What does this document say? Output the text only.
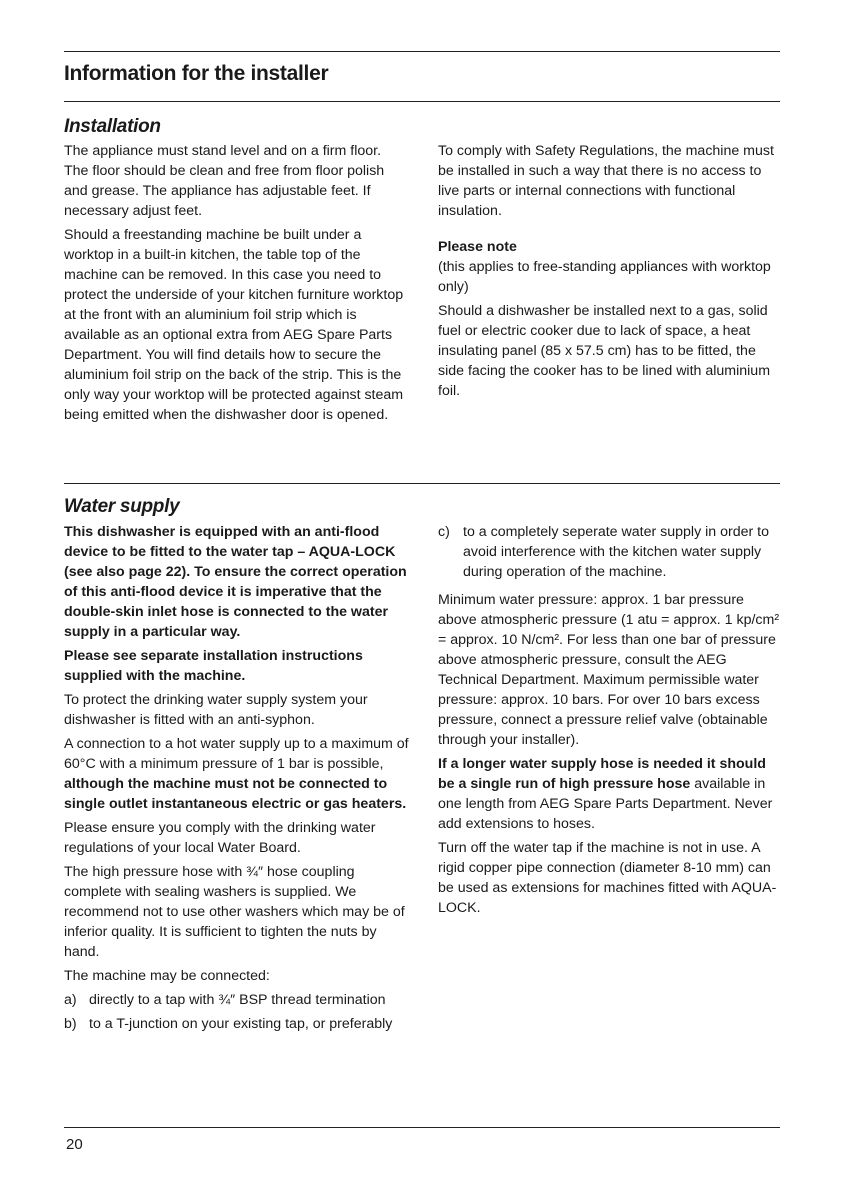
Information for the installer
Installation

The appliance must stand level and on a firm floor. The floor should be clean and free from floor polish and grease. The appliance has adjustable feet. If necessary adjust feet.

Should a freestanding machine be built under a worktop in a built-in kitchen, the table top of the machine can be removed. In this case you need to protect the underside of your kitchen furniture worktop at the front with an aluminium foil strip which is available as an optional extra from AEG Spare Parts Department. You will find details how to secure the aluminium foil strip on the back of the strip. This is the only way your worktop will be protected against steam being emitted when the dishwasher door is opened.

To comply with Safety Regulations, the machine must be installed in such a way that there is no access to live parts or internal connections with functional insulation.

Please note

(this applies to free-standing appliances with worktop only)

Should a dishwasher be installed next to a gas, solid fuel or electric cooker due to lack of space, a heat insulating panel (85 x 57.5 cm) has to be fitted, the side facing the cooker has to be lined with aluminium foil.

Water supply

This dishwasher is equipped with an anti-flood device to be fitted to the water tap – AQUA-LOCK (see also page 22). To ensure the correct operation of this anti-flood device it is imperative that the double-skin inlet hose is connected to the water supply in a particular way.

Please see separate installation instructions supplied with the machine.

To protect the drinking water supply system your dishwasher is fitted with an anti-syphon.

A connection to a hot water supply up to a maximum of 60°C with a minimum pressure of 1 bar is possible, although the machine must not be connected to single outlet instantaneous electric or gas heaters.

Please ensure you comply with the drinking water regulations of your local Water Board.

The high pressure hose with ¾″ hose coupling complete with sealing washers is supplied. We recommend not to use other washers which may be of inferior quality. It is sufficient to tighten the nuts by hand.

The machine may be connected:

a) directly to a tap with ¾″ BSP thread termination
b) to a T-junction on your existing tap, or preferably
c) to a completely seperate water supply in order to avoid interference with the kitchen water supply during operation of the machine.

Minimum water pressure: approx. 1 bar pressure above atmospheric pressure (1 atu = approx. 1 kp/cm² = approx. 10 N/cm². For less than one bar of pressure above atmospheric pressure, consult the AEG Technical Department. Maximum permissible water pressure: approx. 10 bars. For over 10 bars excess pressure, connect a pressure relief valve (obtainable through your installer).

If a longer water supply hose is needed it should be a single run of high pressure hose available in one length from AEG Spare Parts Department. Never add extensions to hoses.

Turn off the water tap if the machine is not in use. A rigid copper pipe connection (diameter 8-10 mm) can be used as extensions for machines fitted with AQUA-LOCK.

20
